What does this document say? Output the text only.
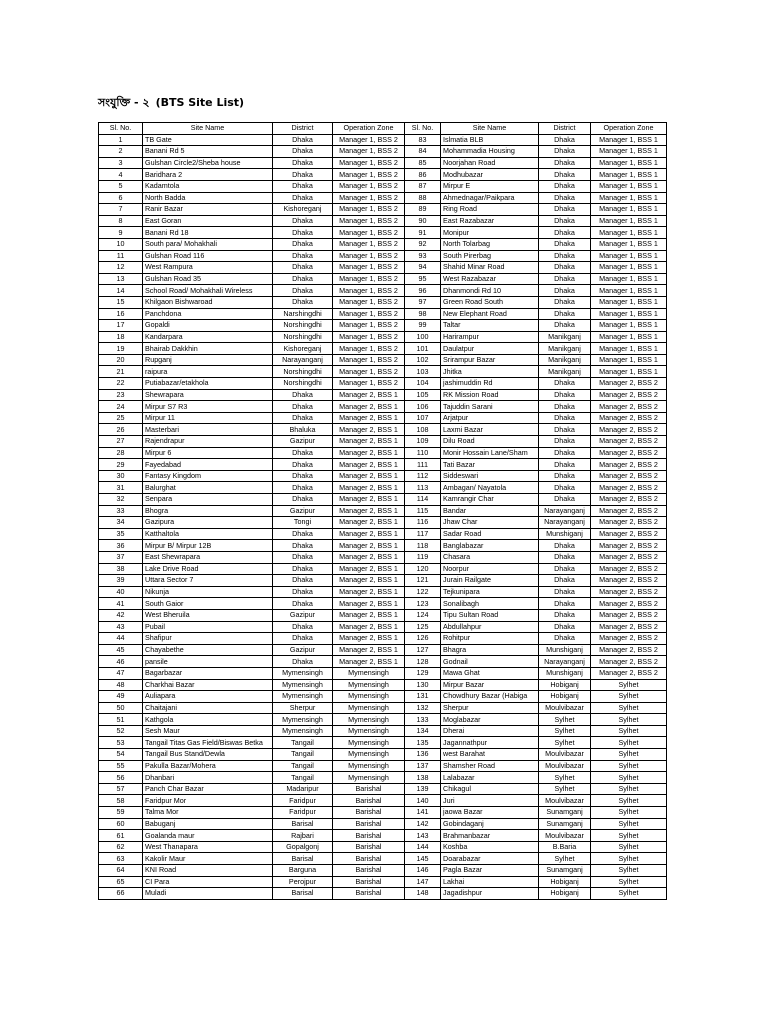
সংযুক্তি - ২ (BTS Site List)
Sl. No.	Site Name	District	Operation Zone	Sl. No.	Site Name	District	Operation Zone
1	TB Gate	Dhaka	Manager 1, BSS 2	83	Islmatia BLB	Dhaka	Manager 1, BSS 1
2	Banani Rd 5	Dhaka	Manager 1, BSS 2	84	Mohammadia Housing	Dhaka	Manager 1, BSS 1
3	Gulshan Circle2/Sheba house	Dhaka	Manager 1, BSS 2	85	Noorjahan Road	Dhaka	Manager 1, BSS 1
4	Baridhara 2	Dhaka	Manager 1, BSS 2	86	Modhubazar	Dhaka	Manager 1, BSS 1
5	Kadamtola	Dhaka	Manager 1, BSS 2	87	Mirpur E	Dhaka	Manager 1, BSS 1
6	North Badda	Dhaka	Manager 1, BSS 2	88	Ahmednagar/Paikpara	Dhaka	Manager 1, BSS 1
7	Ranir Bazar	Kishoreganj	Manager 1, BSS 2	89	Ring Road	Dhaka	Manager 1, BSS 1
8	East Goran	Dhaka	Manager 1, BSS 2	90	East Razabazar	Dhaka	Manager 1, BSS 1
9	Banani Rd 18	Dhaka	Manager 1, BSS 2	91	Monipur	Dhaka	Manager 1, BSS 1
10	South para/ Mohakhali	Dhaka	Manager 1, BSS 2	92	North Tolarbag	Dhaka	Manager 1, BSS 1
11	Gulshan Road 116	Dhaka	Manager 1, BSS 2	93	South Pirerbag	Dhaka	Manager 1, BSS 1
12	West Rampura	Dhaka	Manager 1, BSS 2	94	Shahid Minar Road	Dhaka	Manager 1, BSS 1
13	Gulshan Road 35	Dhaka	Manager 1, BSS 2	95	West Razabazar	Dhaka	Manager 1, BSS 1
14	School Road/ Mohakhali Wireless	Dhaka	Manager 1, BSS 2	96	Dhanmondi Rd 10	Dhaka	Manager 1, BSS 1
15	Khilgaon Bishwaroad	Dhaka	Manager 1, BSS 2	97	Green Road South	Dhaka	Manager 1, BSS 1
16	Panchdona	Narshingdhi	Manager 1, BSS 2	98	New Elephant Road	Dhaka	Manager 1, BSS 1
17	Gopaldi	Norshingdhi	Manager 1, BSS 2	99	Taltar	Dhaka	Manager 1, BSS 1
18	Kandarpara	Norshingdhi	Manager 1, BSS 2	100	Harirampur	Manikganj	Manager 1, BSS 1
19	Bhairab Dakkhin	Kishoreganj	Manager 1, BSS 2	101	Daulatpur	Manikganj	Manager 1, BSS 1
20	Rupganj	Narayanganj	Manager 1, BSS 2	102	Srirampur Bazar	Manikganj	Manager 1, BSS 1
21	raipura	Norshingdhi	Manager 1, BSS 2	103	Jhitka	Manikganj	Manager 1, BSS 1
22	Putiabazar/etakhola	Norshingdhi	Manager 1, BSS 2	104	jashimuddin Rd	Dhaka	Manager 2, BSS 2
23	Shewrapara	Dhaka	Manager 2, BSS 1	105	RK Mission Road	Dhaka	Manager 2, BSS 2
24	Mirpur S7 R3	Dhaka	Manager 2, BSS 1	106	Tajuddin Sarani	Dhaka	Manager 2, BSS 2
25	Mirpur 11	Dhaka	Manager 2, BSS 1	107	Arjatpur	Dhaka	Manager 2, BSS 2
26	Masterbari	Bhaluka	Manager 2, BSS 1	108	Laxmi Bazar	Dhaka	Manager 2, BSS 2
27	Rajendrapur	Gazipur	Manager 2, BSS 1	109	Dilu Road	Dhaka	Manager 2, BSS 2
28	Mirpur 6	Dhaka	Manager 2, BSS 1	110	Monir Hossain Lane/Sham	Dhaka	Manager 2, BSS 2
29	Fayedabad	Dhaka	Manager 2, BSS 1	111	Tati Bazar	Dhaka	Manager 2, BSS 2
30	Fantasy Kingdom	Dhaka	Manager 2, BSS 1	112	Siddeswari	Dhaka	Manager 2, BSS 2
31	Balurghat	Dhaka	Manager 2, BSS 1	113	Ambagan/ Nayatola	Dhaka	Manager 2, BSS 2
32	Senpara	Dhaka	Manager 2, BSS 1	114	Kamrangir Char	Dhaka	Manager 2, BSS 2
33	Bhogra	Gazipur	Manager 2, BSS 1	115	Bandar	Narayanganj	Manager 2, BSS 2
34	Gazipura	Tongi	Manager 2, BSS 1	116	Jhaw Char	Narayanganj	Manager 2, BSS 2
35	Katthaltola	Dhaka	Manager 2, BSS 1	117	Sadar Road	Munshiganj	Manager 2, BSS 2
36	Mirpur B/ Mirpur 12B	Dhaka	Manager 2, BSS 1	118	Banglabazar	Dhaka	Manager 2, BSS 2
37	East Shewrapara	Dhaka	Manager 2, BSS 1	119	Chasara	Dhaka	Manager 2, BSS 2
38	Lake Drive Road	Dhaka	Manager 2, BSS 1	120	Noorpur	Dhaka	Manager 2, BSS 2
39	Uttara Sector 7	Dhaka	Manager 2, BSS 1	121	Jurain Railgate	Dhaka	Manager 2, BSS 2
40	Nikunja	Dhaka	Manager 2, BSS 1	122	Tejkunipara	Dhaka	Manager 2, BSS 2
41	South Gaior	Dhaka	Manager 2, BSS 1	123	Sonalibagh	Dhaka	Manager 2, BSS 2
42	West Bheruila	Gazipur	Manager 2, BSS 1	124	Tipu Sultan Road	Dhaka	Manager 2, BSS 2
43	Pubail	Dhaka	Manager 2, BSS 1	125	Abdullahpur	Dhaka	Manager 2, BSS 2
44	Shafipur	Dhaka	Manager 2, BSS 1	126	Rohitpur	Dhaka	Manager 2, BSS 2
45	Chayabethe	Gazipur	Manager 2, BSS 1	127	Bhagra	Munshiganj	Manager 2, BSS 2
46	pansile	Dhaka	Manager 2, BSS 1	128	Godnail	Narayanganj	Manager 2, BSS 2
47	Bagarbazar	Mymensingh	Mymensingh	129	Mawa Ghat	Munshiganj	Manager 2, BSS 2
48	Charkhai Bazar	Mymensingh	Mymensingh	130	Mirpur Bazar	Hobiganj	Sylhet
49	Auliapara	Mymensingh	Mymensingh	131	Chowdhury Bazar (Habiga	Hobiganj	Sylhet
50	Chaitajani	Sherpur	Mymensingh	132	Sherpur	Moulvibazar	Sylhet
51	Kathgola	Mymensingh	Mymensingh	133	Moglabazar	Sylhet	Sylhet
52	Sesh Maur	Mymensingh	Mymensingh	134	Dherai	Sylhet	Sylhet
53	Tangail Titas Gas Field/Biswas Betka	Tangail	Mymensingh	135	Jagannathpur	Sylhet	Sylhet
54	Tangail Bus Stand/Dewla	Tangail	Mymensingh	136	west Barahat	Moulvibazar	Sylhet
55	Pakulla Bazar/Mohera	Tangail	Mymensingh	137	Shamsher Road	Moulvibazar	Sylhet
56	Dhanbari	Tangail	Mymensingh	138	Lalabazar	Sylhet	Sylhet
57	Panch Char Bazar	Madaripur	Barishal	139	Chikagul	Sylhet	Sylhet
58	Faridpur Mor	Faridpur	Barishal	140	Juri	Moulvibazar	Sylhet
59	Talma Mor	Faridpur	Barishal	141	jaowa Bazar	Sunamganj	Sylhet
60	Babuganj	Barisal	Barishal	142	Gobindaganj	Sunamganj	Sylhet
61	Goalanda maur	Rajbari	Barishal	143	Brahmanbazar	Moulvibazar	Sylhet
62	West Thanapara	Gopalgonj	Barishal	144	Koshba	B.Baria	Sylhet
63	Kakolir Maur	Barisal	Barishal	145	Doarabazar	Sylhet	Sylhet
64	KNI Road	Barguna	Barishal	146	Pagla Bazar	Sunamganj	Sylhet
65	CI Para	Perojpur	Barishal	147	Lakhai	Hobiganj	Sylhet
66	Muladi	Barisal	Barishal	148	Jagadishpur	Hobiganj	Sylhet
